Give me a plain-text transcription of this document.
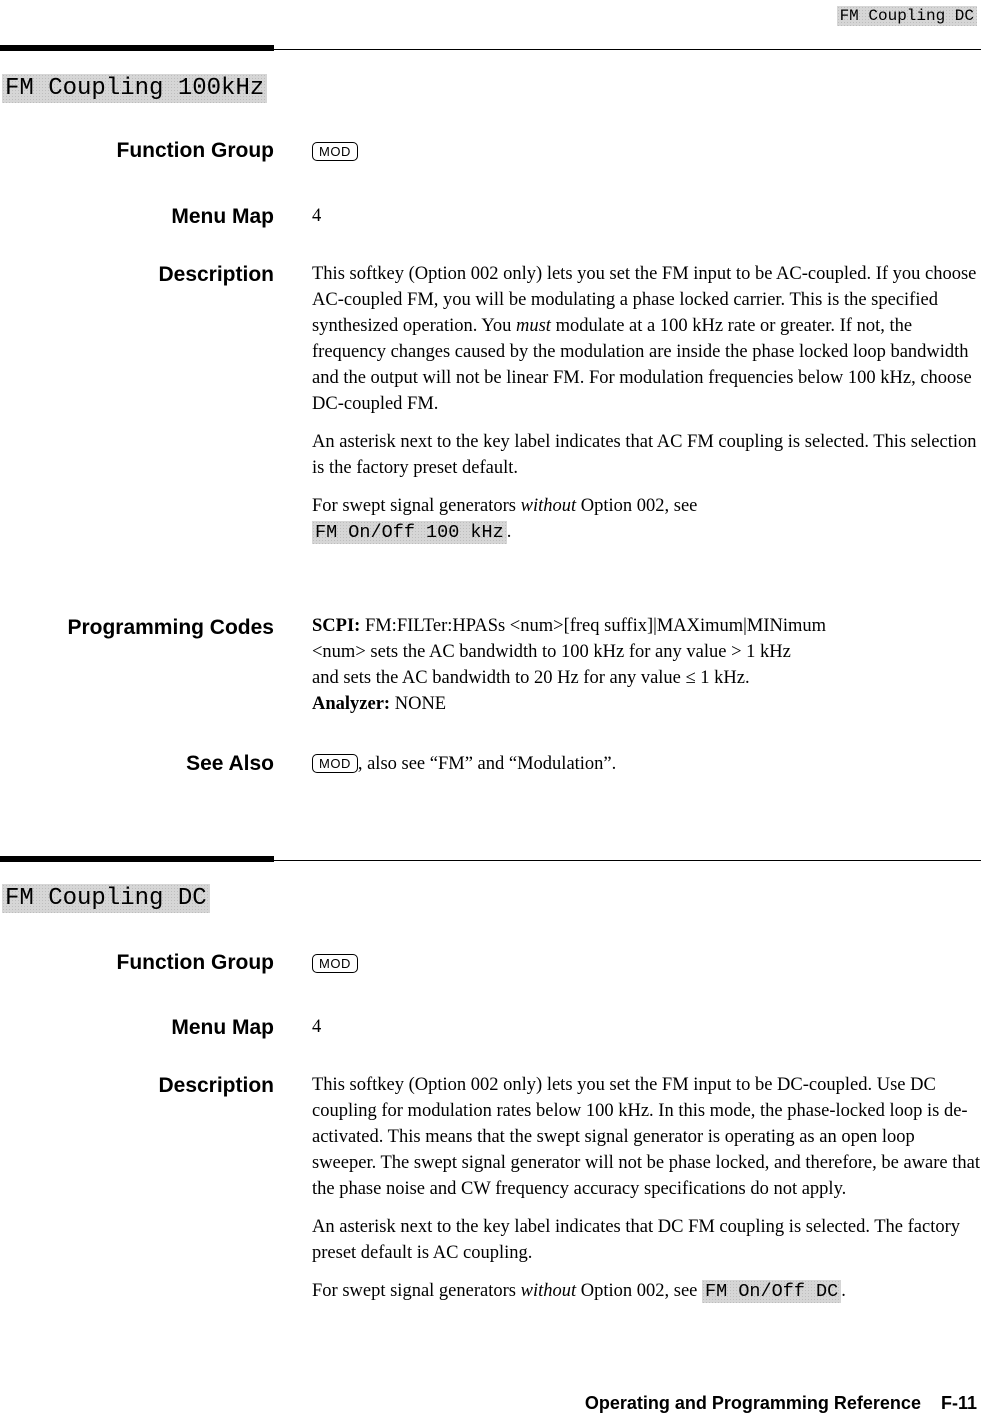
FM Coupling DC
FM Coupling 100kHz
Function Group	MOD
Menu Map 4
Description This softkey (Option 002 only) lets you set the FM input to be AC-coupled. If you choose AC-coupled FM, you will be modulating a phase locked carrier. This is the specified synthesized operation. You must modulate at a 100 kHz rate or greater. If not, the frequency changes caused by the modulation are inside the phase locked loop bandwidth and the output will not be linear FM. For modulation frequencies below 100 kHz, choose DC-coupled FM.

An asterisk next to the key label indicates that AC FM coupling is selected. This selection is the factory preset default.

For swept signal generators without Option 002, see
FM On/Off 100 kHz .

Programming Codes SCPI: FM:FILTer:HPASs <num>[freq suffix]|MAXimum|MINimum
<num> sets the AC bandwidth to 100 kHz for any value > 1 kHz
and sets the AC bandwidth to 20 Hz for any value ≤ 1 kHz.
Analyzer: NONE
See Also	MOD , also see “FM” and “Modulation”.
FM Coupling DC
Function Group	MOD
Menu Map 4
Description This softkey (Option 002 only) lets you set the FM input to be DC-coupled. Use DC coupling for modulation rates below 100 kHz. In this mode, the phase-locked loop is de-activated. This means that the swept signal generator is operating as an open loop sweeper. The swept signal generator will not be phase locked, and therefore, be aware that the phase noise and CW frequency accuracy specifications do not apply.

An asterisk next to the key label indicates that DC FM coupling is selected. The factory preset default is AC coupling.

For swept signal generators without Option 002, see FM On/Off DC .

Operating and Programming Reference F-11
